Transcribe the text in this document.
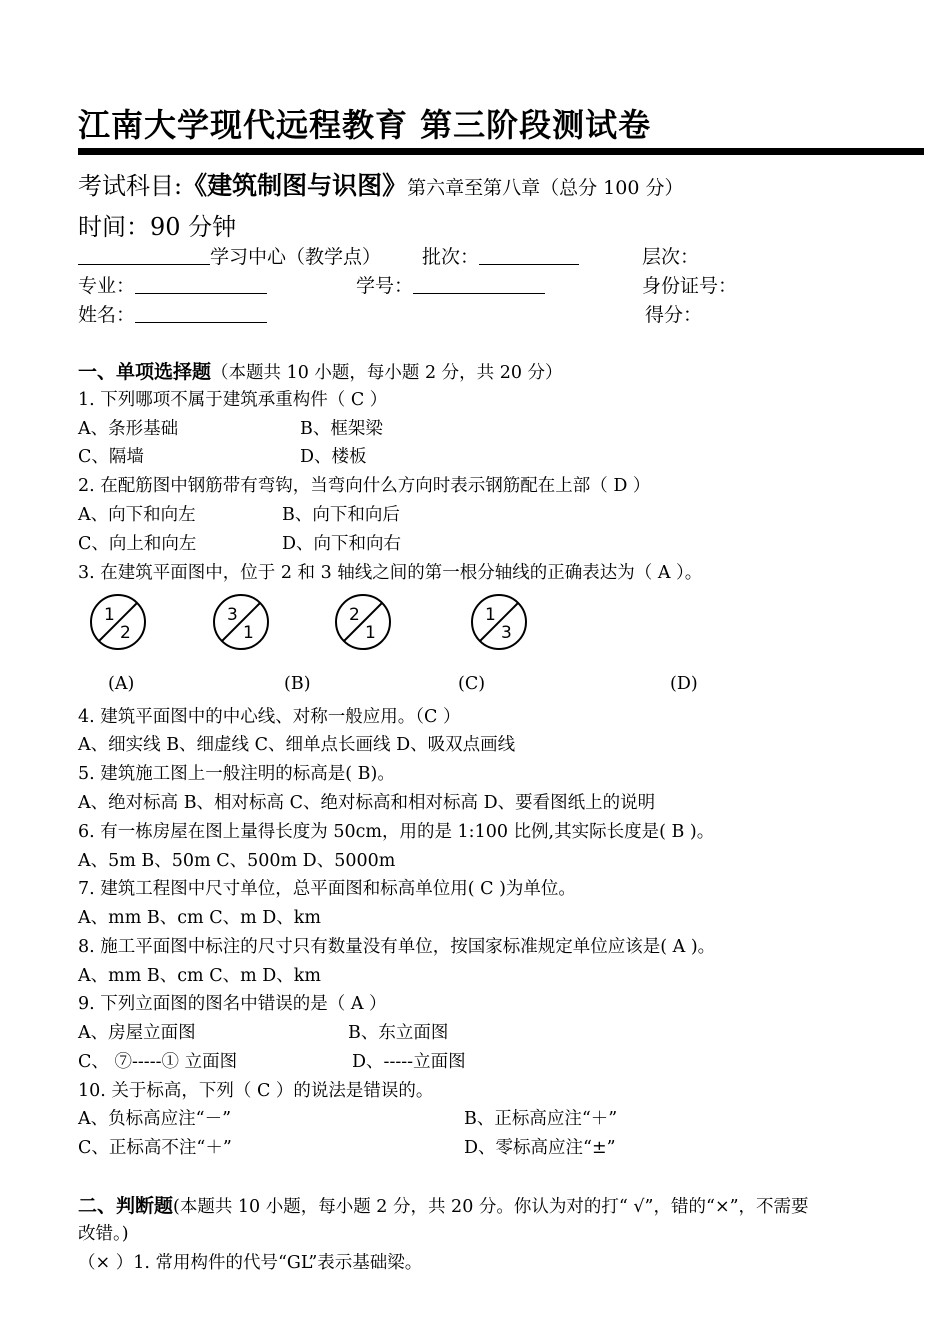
江南大学现代远程教育 第三阶段测试卷
考试科目:《建筑制图与识图》第六章至第八章（总分 100 分）
时间：90 分钟
学习中心（教学点） 批次：	层次：
专业：	学号：	身份证号：
姓名：	得分：
一、单项选择题（本题共 10 小题，每小题 2 分，共 20 分）
1. 下列哪项不属于建筑承重构件（ C ）
A、条形基础	B、框架梁
C、隔墙	D、楼板
2. 在配筋图中钢筋带有弯钩，当弯向什么方向时表示钢筋配在上部（ D ）
A、向下和向左	B、向下和向后
C、向上和向左	D、向下和向右
3. 在建筑平面图中，位于 2 和 3 轴线之间的第一根分轴线的正确表达为（ A ）。
1
2
3
1
2
1
1
3
(A)	(B)	(C)	(D)
4. 建筑平面图中的中心线、对称一般应用。（C ）
A、细实线 B、细虚线 C、细单点长画线 D、吸双点画线
5. 建筑施工图上一般注明的标高是( B)。
A、绝对标高 B、相对标高 C、绝对标高和相对标高 D、要看图纸上的说明
6. 有一栋房屋在图上量得长度为 50cm，用的是 1:100 比例,其实际长度是( B )。
A、5m B、50m C、500m D、5000m
7. 建筑工程图中尺寸单位，总平面图和标高单位用( C )为单位。
A、mm B、cm C、m D、km
8. 施工平面图中标注的尺寸只有数量没有单位，按国家标准规定单位应该是( A )。
A、mm B、cm C、m D、km
9. 下列立面图的图名中错误的是（ A ）
A、房屋立面图	B、东立面图
C、 ⑦-----① 立面图	D、-----立面图
10. 关于标高，下列（ C ）的说法是错误的。
A、负标高应注“－”	B、正标高应注“＋”
C、正标高不注“＋”	D、零标高应注“±”
二、判断题(本题共 10 小题，每小题 2 分，共 20 分。你认为对的打“ √”，错的“×”，不需要
改错。)
（× ）1. 常用构件的代号“GL”表示基础梁。
